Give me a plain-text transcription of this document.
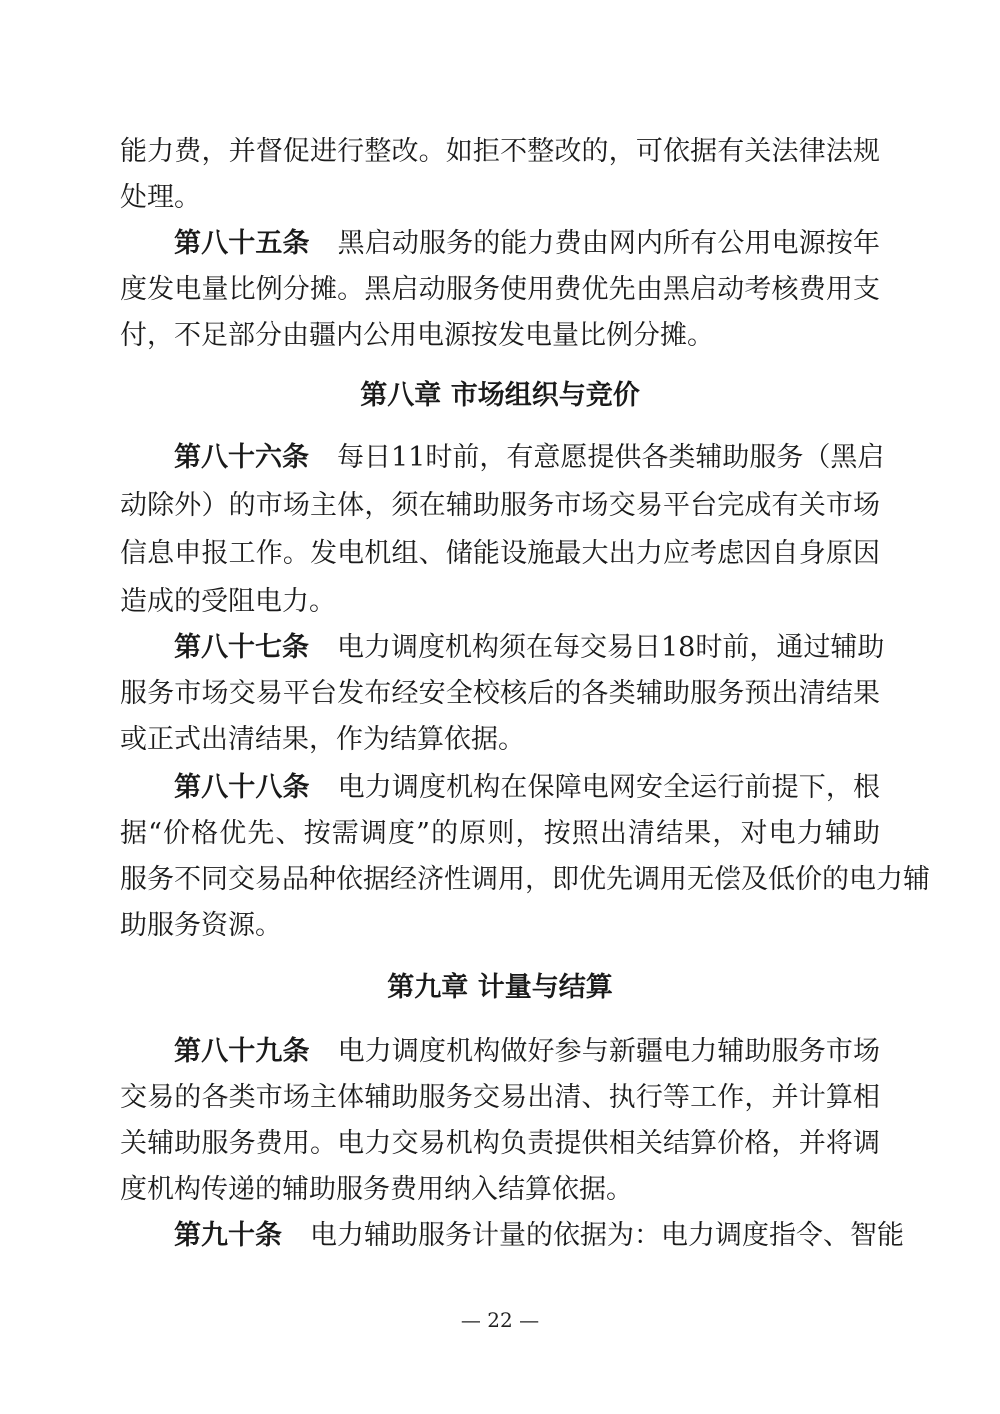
能力费，并督促进行整改。如拒不整改的，可依据有关法律法规
处理。
第八十五条 黑启动服务的能力费由网内所有公用电源按年
度发电量比例分摊。黑启动服务使用费优先由黑启动考核费用支
付，不足部分由疆内公用电源按发电量比例分摊。
第八章 市场组织与竞价
第八十六条 每日11时前，有意愿提供各类辅助服务（黑启
动除外）的市场主体，须在辅助服务市场交易平台完成有关市场
信息申报工作。发电机组、储能设施最大出力应考虑因自身原因
造成的受阻电力。
第八十七条 电力调度机构须在每交易日18时前，通过辅助
服务市场交易平台发布经安全校核后的各类辅助服务预出清结果
或正式出清结果，作为结算依据。
第八十八条 电力调度机构在保障电网安全运行前提下，根
据“价格优先、按需调度”的原则，按照出清结果，对电力辅助
服务不同交易品种依据经济性调用，即优先调用无偿及低价的电力辅
助服务资源。
第九章 计量与结算
第八十九条 电力调度机构做好参与新疆电力辅助服务市场
交易的各类市场主体辅助服务交易出清、执行等工作，并计算相
关辅助服务费用。电力交易机构负责提供相关结算价格，并将调
度机构传递的辅助服务费用纳入结算依据。
第九十条 电力辅助服务计量的依据为：电力调度指令、智能
— 22 —
